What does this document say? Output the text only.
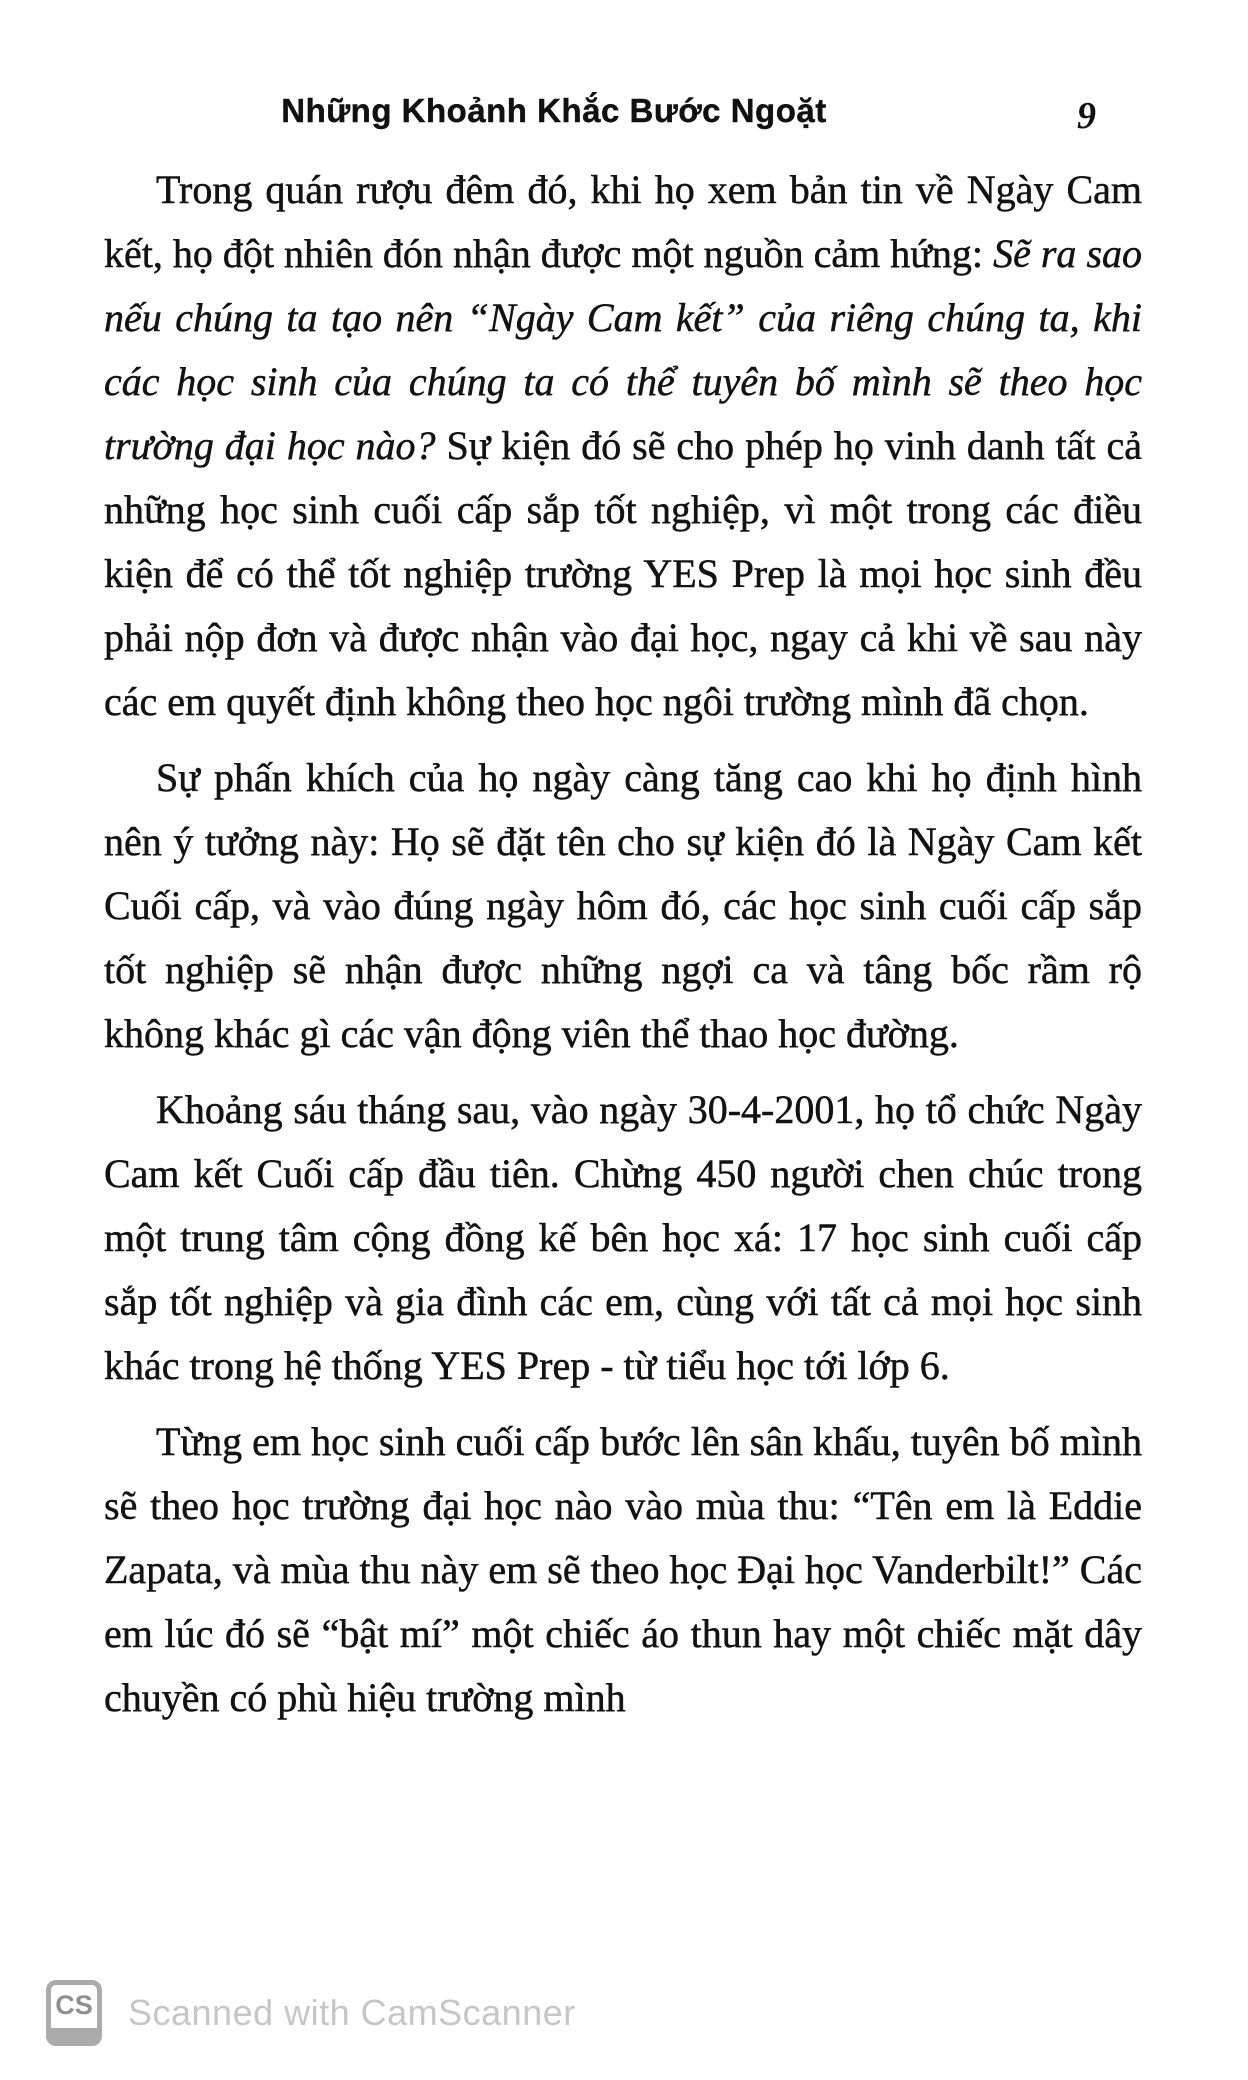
Những Khoảnh Khắc Bước Ngoặt	9

Trong quán rượu đêm đó, khi họ xem bản tin về Ngày Cam kết, họ đột nhiên đón nhận được một nguồn cảm hứng: Sẽ ra sao nếu chúng ta tạo nên “Ngày Cam kết” của riêng chúng ta, khi các học sinh của chúng ta có thể tuyên bố mình sẽ theo học trường đại học nào? Sự kiện đó sẽ cho phép họ vinh danh tất cả những học sinh cuối cấp sắp tốt nghiệp, vì một trong các điều kiện để có thể tốt nghiệp trường YES Prep là mọi học sinh đều phải nộp đơn và được nhận vào đại học, ngay cả khi về sau này các em quyết định không theo học ngôi trường mình đã chọn.

Sự phấn khích của họ ngày càng tăng cao khi họ định hình nên ý tưởng này: Họ sẽ đặt tên cho sự kiện đó là Ngày Cam kết Cuối cấp, và vào đúng ngày hôm đó, các học sinh cuối cấp sắp tốt nghiệp sẽ nhận được những ngợi ca và tâng bốc rầm rộ không khác gì các vận động viên thể thao học đường.

Khoảng sáu tháng sau, vào ngày 30-4-2001, họ tổ chức Ngày Cam kết Cuối cấp đầu tiên. Chừng 450 người chen chúc trong một trung tâm cộng đồng kế bên học xá: 17 học sinh cuối cấp sắp tốt nghiệp và gia đình các em, cùng với tất cả mọi học sinh khác trong hệ thống YES Prep - từ tiểu học tới lớp 6.

Từng em học sinh cuối cấp bước lên sân khấu, tuyên bố mình sẽ theo học trường đại học nào vào mùa thu: “Tên em là Eddie Zapata, và mùa thu này em sẽ theo học Đại học Vanderbilt!” Các em lúc đó sẽ “bật mí” một chiếc áo thun hay một chiếc mặt dây chuyền có phù hiệu trường mình

CS Scanned with CamScanner
